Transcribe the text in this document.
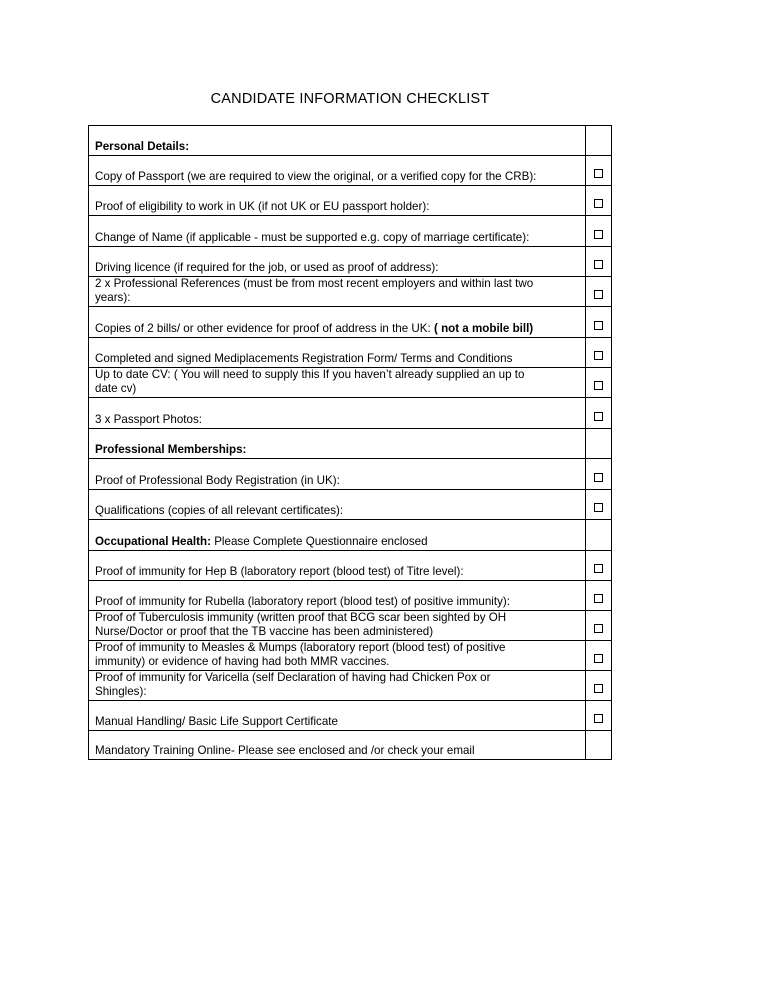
CANDIDATE INFORMATION CHECKLIST
Personal Details:	

Copy of Passport (we are required to view the original, or a verified copy for the CRB):	

Proof of eligibility to work in UK (if not UK or EU passport holder):	

Change of Name (if applicable - must be supported e.g. copy of marriage certificate):	

Driving licence (if required for the job, or used as proof of address):	

2 x Professional References (must be from most recent employers and within last two
years):	

Copies of 2 bills/ or other evidence for proof of address in the UK: ( not a mobile bill)	

Completed and signed Mediplacements Registration Form/ Terms and Conditions	

Up to date CV: ( You will need to supply this If you haven’t already supplied an up to
date cv)	

3 x Passport Photos:	

Professional Memberships:	

Proof of Professional Body Registration (in UK):	

Qualifications (copies of all relevant certificates):	

Occupational Health: Please Complete Questionnaire enclosed	

Proof of immunity for Hep B (laboratory report (blood test) of Titre level):	

Proof of immunity for Rubella (laboratory report (blood test) of positive immunity):	

Proof of Tuberculosis immunity (written proof that BCG scar been sighted by OH
Nurse/Doctor or proof that the TB vaccine has been administered)	

Proof of immunity to Measles & Mumps (laboratory report (blood test) of positive
immunity) or evidence of having had both MMR vaccines.	

Proof of immunity for Varicella (self Declaration of having had Chicken Pox or
Shingles):	

Manual Handling/ Basic Life Support Certificate	

Mandatory Training Online- Please see enclosed and /or check your email	
